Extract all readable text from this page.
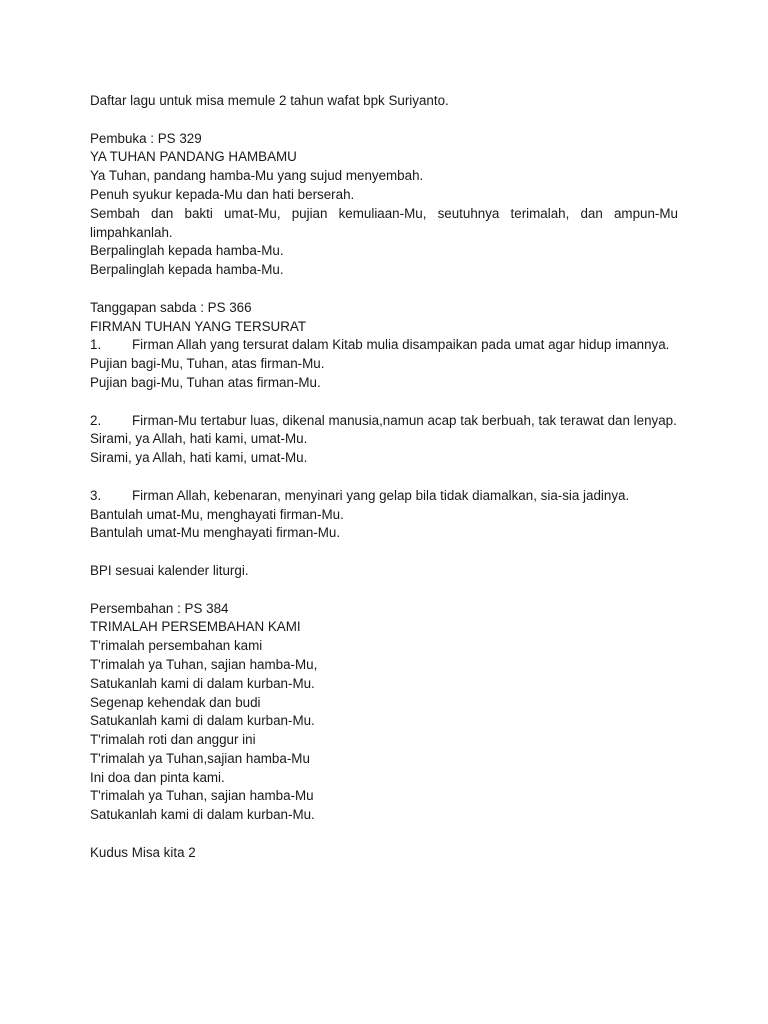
Daftar lagu untuk misa memule 2 tahun wafat bpk Suriyanto.

Pembuka : PS 329

YA TUHAN PANDANG HAMBAMU

Ya Tuhan, pandang hamba-Mu yang sujud menyembah.

Penuh syukur kepada-Mu dan hati berserah.

Sembah dan bakti umat-Mu, pujian kemuliaan-Mu, seutuhnya terimalah, dan ampun-Mu limpahkanlah.

Berpalinglah kepada hamba-Mu.

Berpalinglah kepada hamba-Mu.

Tanggapan sabda : PS 366

FIRMAN TUHAN YANG TERSURAT

1. Firman Allah yang tersurat dalam Kitab mulia disampaikan pada umat agar hidup imannya.

Pujian bagi-Mu, Tuhan, atas firman-Mu.

Pujian bagi-Mu, Tuhan atas firman-Mu.

2. Firman-Mu tertabur luas, dikenal manusia,namun acap tak berbuah, tak terawat dan lenyap.

Sirami, ya Allah, hati kami, umat-Mu.

Sirami, ya Allah, hati kami, umat-Mu.

3. Firman Allah, kebenaran, menyinari yang gelap bila tidak diamalkan, sia-sia jadinya.

Bantulah umat-Mu, menghayati firman-Mu.

Bantulah umat-Mu menghayati firman-Mu.

BPI sesuai kalender liturgi.

Persembahan : PS 384

TRIMALAH PERSEMBAHAN KAMI

T'rimalah persembahan kami

T'rimalah ya Tuhan, sajian hamba-Mu,

Satukanlah kami di dalam kurban-Mu.

Segenap kehendak dan budi

Satukanlah kami di dalam kurban-Mu.

T'rimalah roti dan anggur ini

T'rimalah ya Tuhan,sajian hamba-Mu

Ini doa dan pinta kami.

T'rimalah ya Tuhan, sajian hamba-Mu

Satukanlah kami di dalam kurban-Mu.

Kudus Misa kita 2
